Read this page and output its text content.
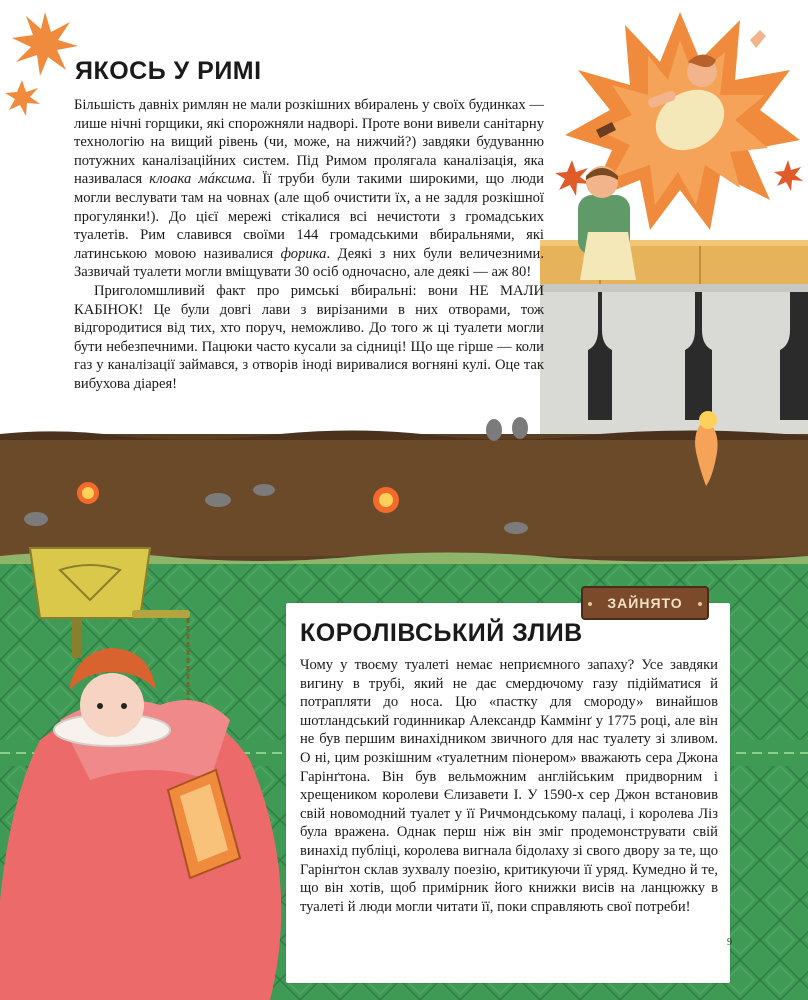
ЯКОСЬ У РИМІ

Більшість давніх римлян не мали розкішних вбиралень у своїх будинках — лише нічні горщики, які спорожняли надворі. Проте вони вивели санітарну технологію на вищий рівень (чи, може, на нижчий?) завдяки будуванню потужних каналізаційних систем. Під Римом пролягала каналізація, яка називалася клоака мáксима. Її труби були такими широкими, що люди могли веслувати там на човнах (але щоб очистити їх, а не задля розкішної прогулянки!). До цієї мережі стікалися всі нечистоти з громадських туалетів. Рим славився своїми 144 громадськими вбиральнями, які латинською мовою називалися форика. Деякі з них були величезними. Зазвичай туалети могли вміщувати 30 осіб одночасно, але деякі — аж 80!

Приголомшливий факт про римські вбиральні: вони НЕ МАЛИ КАБІНОК! Це були довгі лави з вирізаними в них отворами, тож відгородитися від тих, хто поруч, неможливо. До того ж ці туалети могли бути небезпечними. Пацюки часто кусали за сідниці! Що ще гірше — коли газ у каналізації займався, з отворів іноді виривалися вогняні кулі. Оце так вибухова діарея!

ЗАЙНЯТО
КОРОЛІВСЬКИЙ ЗЛИВ

Чому у твоєму туалеті немає неприємного запаху? Усе завдяки вигину в трубі, який не дає смердючому газу підійматися й потрапляти до носа. Цю «пастку для смороду» винайшов шотландський годинникар Александр Каммінґ у 1775 році, але він не був першим винахідником звичного для нас туалету зі зливом. О ні, цим розкішним «туалетним піонером» вважають сера Джона Гарінґтона. Він був вельможним англійським придворним і хрещеником королеви Єлизавети І. У 1590-х сер Джон встановив свій новомодний туалет у її Ричмондському палаці, і королева Ліз була вражена. Однак перш ніж він зміг продемонструвати свій винахід публіці, королева вигнала бідолаху зі свого двору за те, що Гарінґтон склав зухвалу поезію, критикуючи її уряд. Кумедно й те, що він хотів, щоб примірник його книжки висів на ланцюжку в туалеті й люди могли читати її, поки справляють свої потреби!

9
